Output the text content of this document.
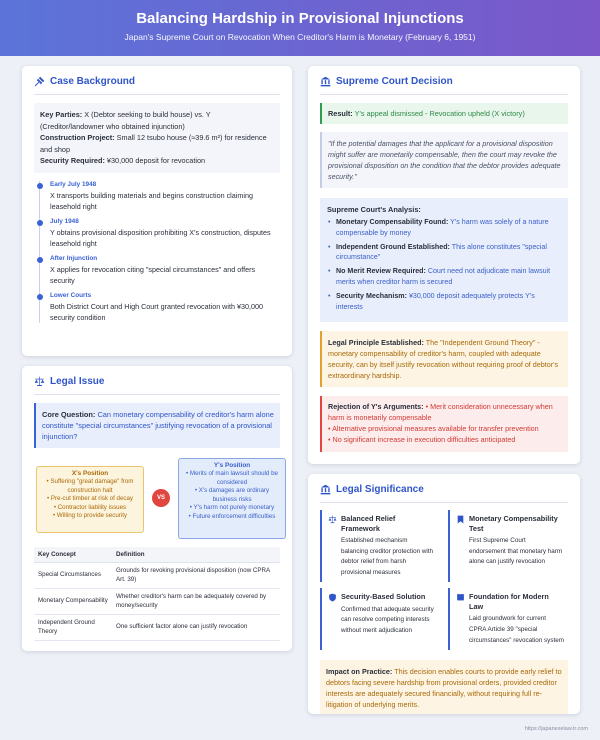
Balancing Hardship in Provisional Injunctions
Japan's Supreme Court on Revocation When Creditor's Harm is Monetary (February 6, 1951)
Case Background
Key Parties: X (Debtor seeking to build house) vs. Y (Creditor/landowner who obtained injunction)
Construction Project: Small 12 tsubo house (≈39.6 m²) for residence and shop
Security Required: ¥30,000 deposit for revocation
Early July 1948
X transports building materials and begins construction claiming leasehold right
July 1948
Y obtains provisional disposition prohibiting X's construction, disputes leasehold right
After Injunction
X applies for revocation citing "special circumstances" and offers security
Lower Courts
Both District Court and High Court granted revocation with ¥30,000 security condition
Legal Issue
Core Question: Can monetary compensability of creditor's harm alone constitute "special circumstances" justifying revocation of a provisional injunction?
X's Position
• Suffering "great damage" from construction halt
• Pre-cut timber at risk of decay
• Contractor liability issues
• Willing to provide security
VS
Y's Position
• Merits of main lawsuit should be considered
• X's damages are ordinary business risks
• Y's harm not purely monetary
• Future enforcement difficulties
Key Concept	Definition
Special Circumstances	Grounds for revoking provisional disposition (now CPRA Art. 39)
Monetary Compensability	Whether creditor's harm can be adequately covered by money/security
Independent Ground Theory	One sufficient factor alone can justify revocation
Supreme Court Decision
Result: Y's appeal dismissed - Revocation upheld (X victory)
"If the potential damages that the applicant for a provisional disposition might suffer are monetarily compensable, then the court may revoke the provisional disposition on the condition that the debtor provides adequate security."
Supreme Court's Analysis:
• Monetary Compensability Found: Y's harm was solely of a nature compensable by money
• Independent Ground Established: This alone constitutes "special circumstance"
• No Merit Review Required: Court need not adjudicate main lawsuit merits when creditor harm is secured
• Security Mechanism: ¥30,000 deposit adequately protects Y's interests
Legal Principle Established: The "Independent Ground Theory" - monetary compensability of creditor's harm, coupled with adequate security, can by itself justify revocation without requiring proof of debtor's extraordinary hardship.
Rejection of Y's Arguments: • Merit consideration unnecessary when harm is monetarily compensable
• Alternative provisional measures available for transfer prevention
• No significant increase in execution difficulties anticipated
Legal Significance
Balanced Relief Framework
Established mechanism balancing creditor protection with debtor relief from harsh provisional measures
Monetary Compensability Test
First Supreme Court endorsement that monetary harm alone can justify revocation
Security-Based Solution
Confirmed that adequate security can resolve competing interests without merit adjudication
Foundation for Modern Law
Laid groundwork for current CPRA Article 39 "special circumstances" revocation system
Impact on Practice: This decision enables courts to provide early relief to debtors facing severe hardship from provisional orders, provided creditor interests are adequately secured financially, without requiring full re-litigation of underlying merits.
https://japaneselaw.tr.com
